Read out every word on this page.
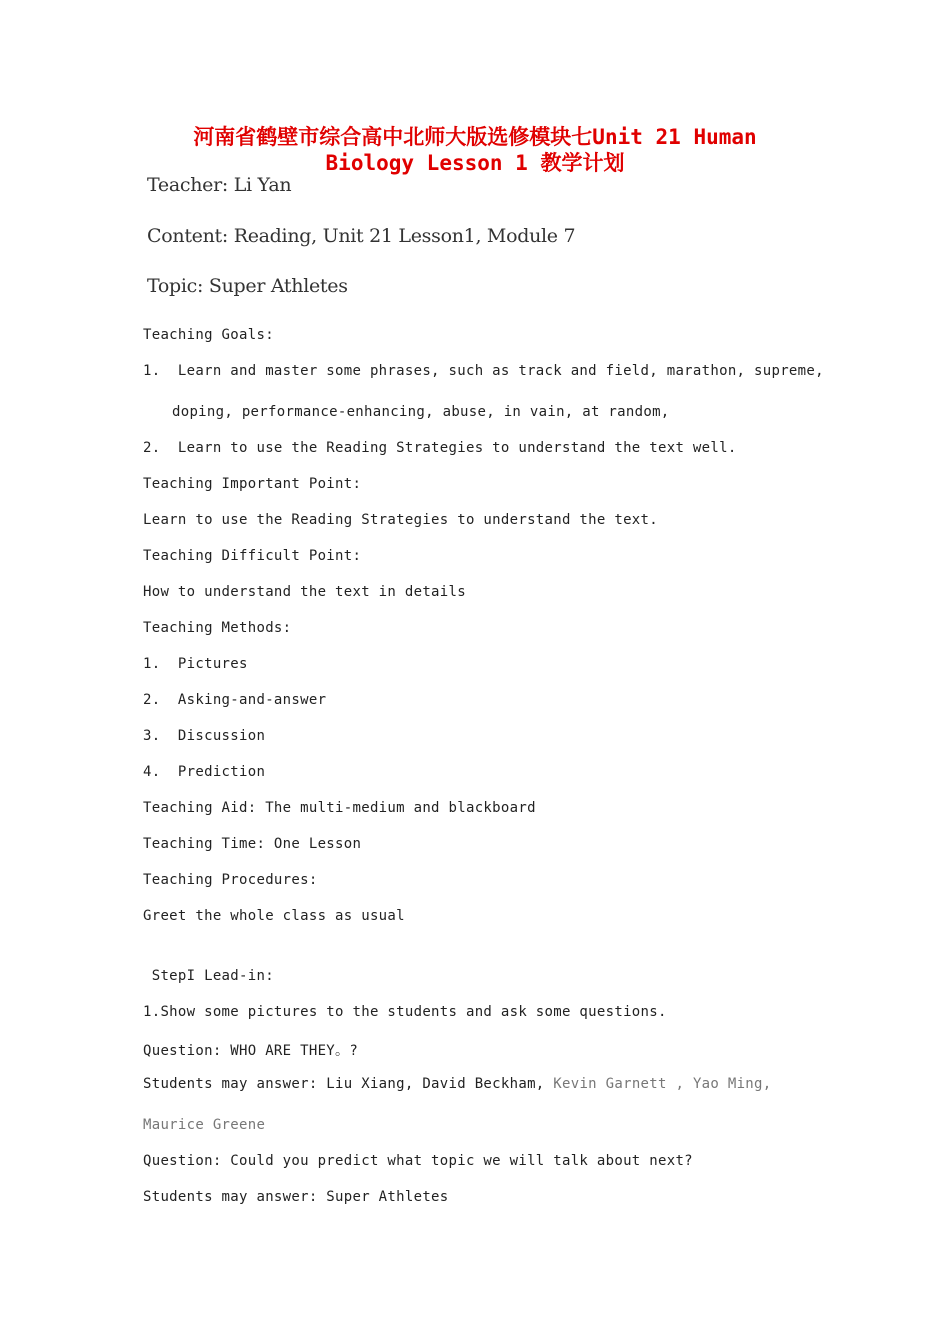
河南省鹤壁市综合高中北师大版选修模块七Unit 21 Human
Biology Lesson 1 教学计划
Teacher: Li Yan
Content: Reading, Unit 21 Lesson1, Module 7
Topic: Super Athletes
Teaching Goals:
1.  Learn and master some phrases, such as track and field, marathon, supreme,
doping, performance-enhancing, abuse, in vain, at random,
2.  Learn to use the Reading Strategies to understand the text well.
Teaching Important Point:
Learn to use the Reading Strategies to understand the text.
Teaching Difficult Point:
How to understand the text in details
Teaching Methods:
1.  Pictures
2.  Asking-and-answer
3.  Discussion
4.  Prediction
Teaching Aid: The multi-medium and blackboard
Teaching Time: One Lesson
Teaching Procedures:
Greet the whole class as usual
StepI Lead-in:
1.Show some pictures to the students and ask some questions.
Question: WHO ARE THEY。?
Students may answer: Liu Xiang, David Beckham, Kevin Garnett , Yao Ming,
Maurice Greene
Question: Could you predict what topic we will talk about next?
Students may answer: Super Athletes
